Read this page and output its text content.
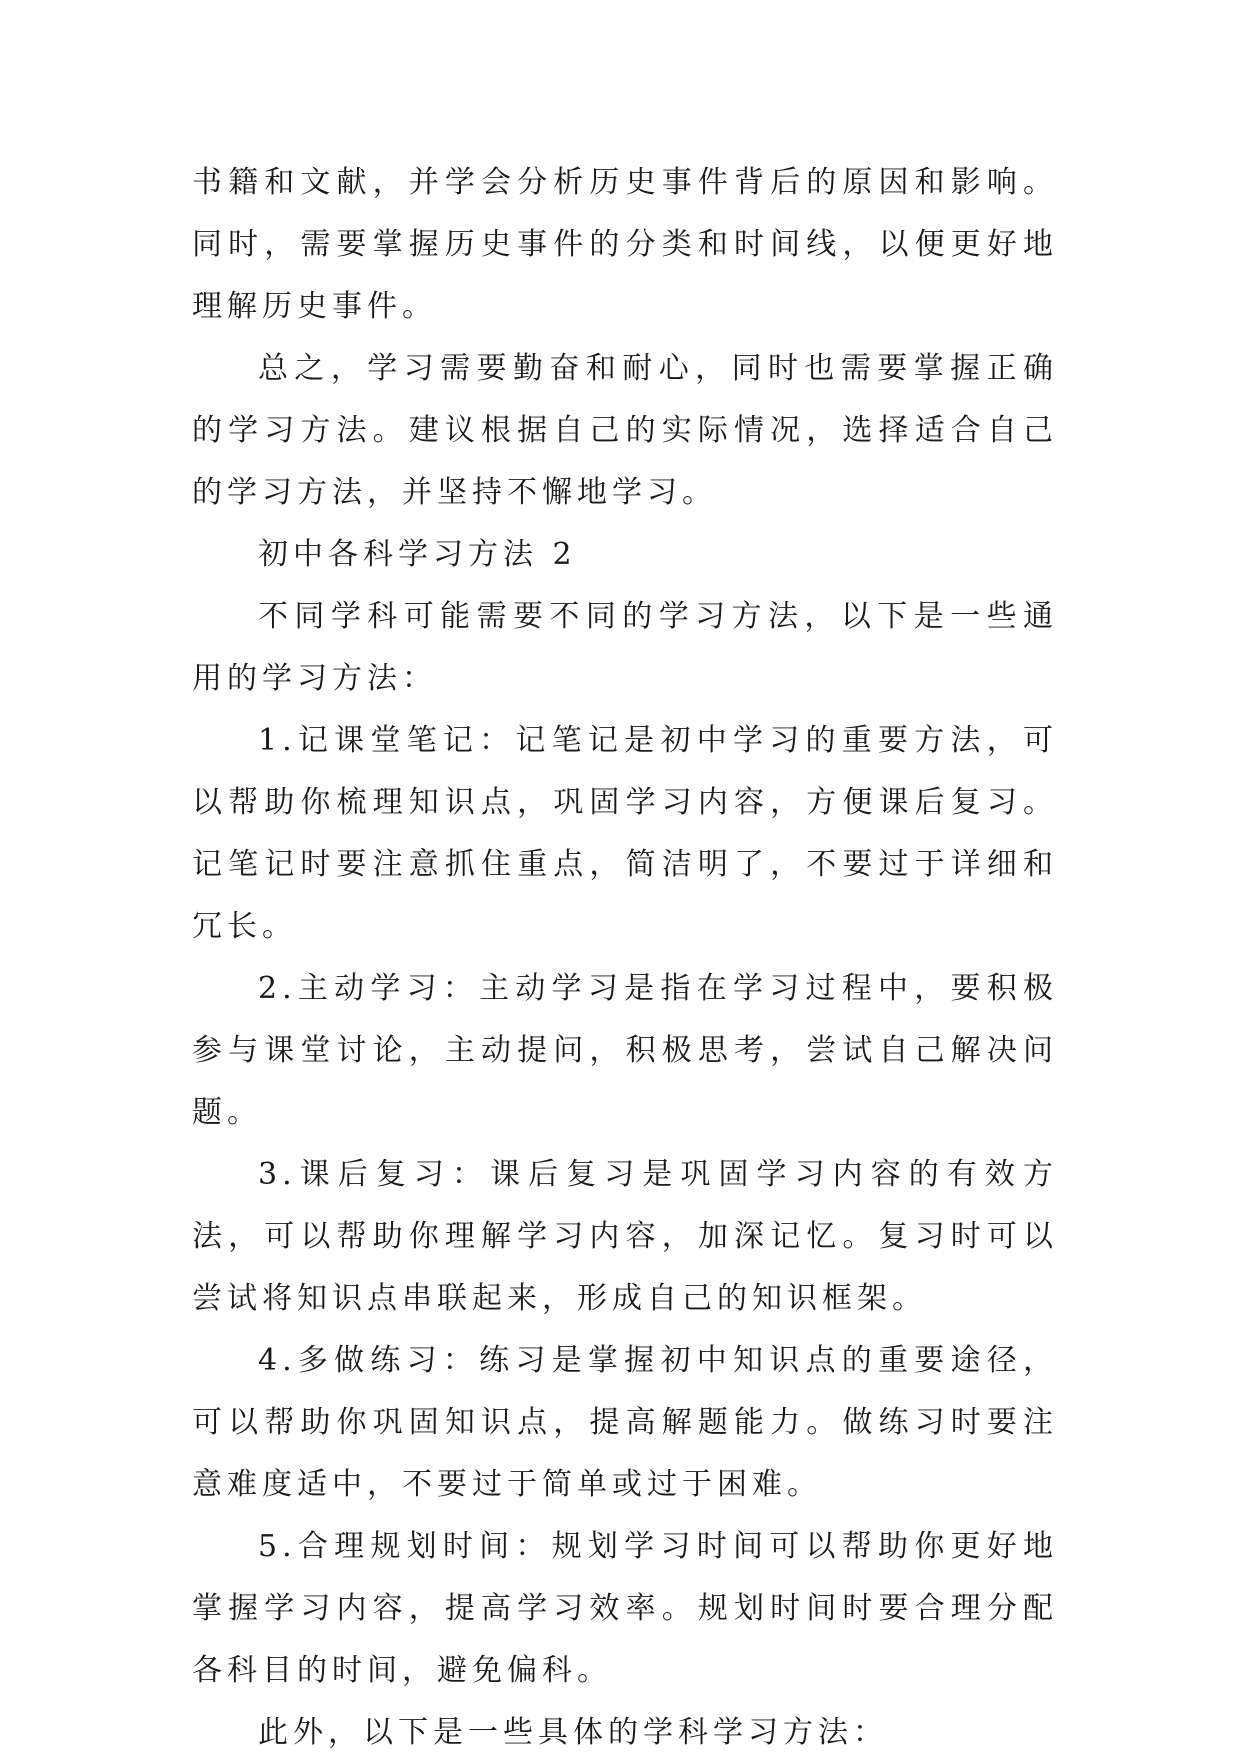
书籍和文献，并学会分析历史事件背后的原因和影响。同时，需要掌握历史事件的分类和时间线，以便更好地理解历史事件。

总之，学习需要勤奋和耐心，同时也需要掌握正确的学习方法。建议根据自己的实际情况，选择适合自己的学习方法，并坚持不懈地学习。

初中各科学习方法 2

不同学科可能需要不同的学习方法，以下是一些通用的学习方法：

1.记课堂笔记：记笔记是初中学习的重要方法，可以帮助你梳理知识点，巩固学习内容，方便课后复习。记笔记时要注意抓住重点，简洁明了，不要过于详细和冗长。

2.主动学习：主动学习是指在学习过程中，要积极参与课堂讨论，主动提问，积极思考，尝试自己解决问题。

3.课后复习：课后复习是巩固学习内容的有效方法，可以帮助你理解学习内容，加深记忆。复习时可以尝试将知识点串联起来，形成自己的知识框架。

4.多做练习：练习是掌握初中知识点的重要途径，可以帮助你巩固知识点，提高解题能力。做练习时要注意难度适中，不要过于简单或过于困难。

5.合理规划时间：规划学习时间可以帮助你更好地掌握学习内容，提高学习效率。规划时间时要合理分配各科目的时间，避免偏科。

此外，以下是一些具体的学科学习方法：
